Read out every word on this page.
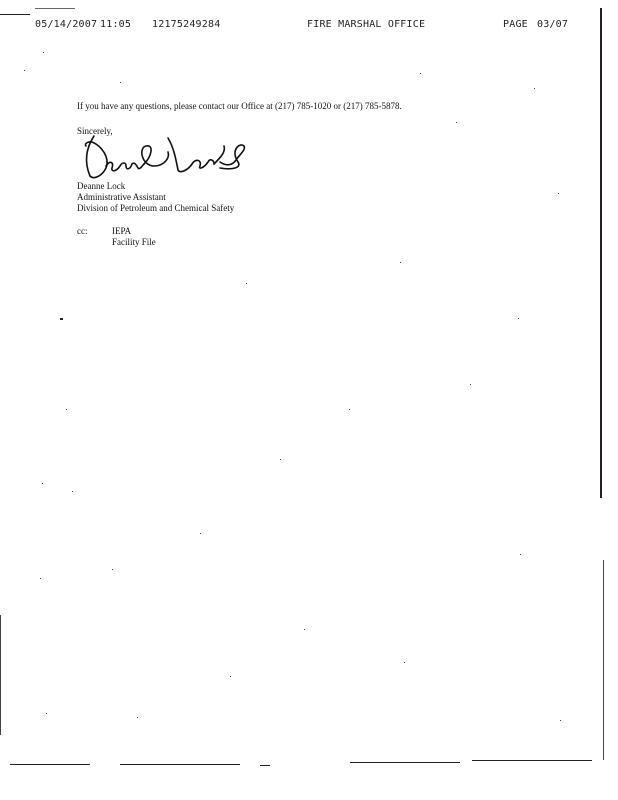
05/14/2007 11:05 12175249284	FIRE MARSHAL OFFICE	PAGE 03/07
If you have any questions, please contact our Office at (217) 785-1020 or (217) 785-5878.
Sincerely,
Deanne Lock
Administrative Assistant
Division of Petroleum and Chemical Safety
cc:	IEPA
Facility File
